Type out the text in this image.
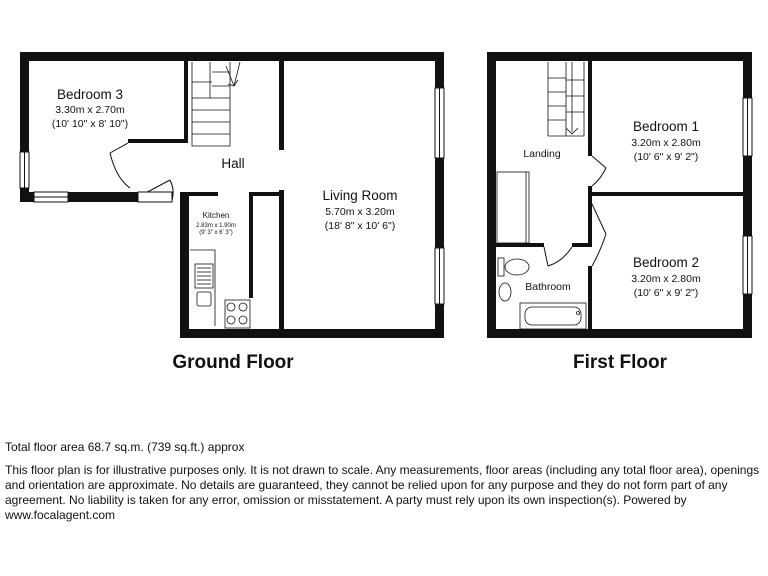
Bedroom 3
3.30m x 2.70m
(10' 10" x 8' 10")
Hall
Kitchen
2.83m x 1.90m
(9' 3" x 6' 3")
Living Room
5.70m x 3.20m
(18' 8" x 10' 6")
Ground Floor
Landing
Bedroom 1
3.20m x 2.80m
(10' 6" x 9' 2")
Bedroom 2
3.20m x 2.80m
(10' 6" x 9' 2")
Bathroom
First Floor

Total floor area 68.7 sq.m. (739 sq.ft.) approx

This floor plan is for illustrative purposes only. It is not drawn to scale. Any measurements, floor areas (including any total floor area), openings and orientation are approximate. No details are guaranteed, they cannot be relied upon for any purpose and they do not form part of any agreement. No liability is taken for any error, omission or misstatement. A party must rely upon its own inspection(s). Powered by www.focalagent.com
